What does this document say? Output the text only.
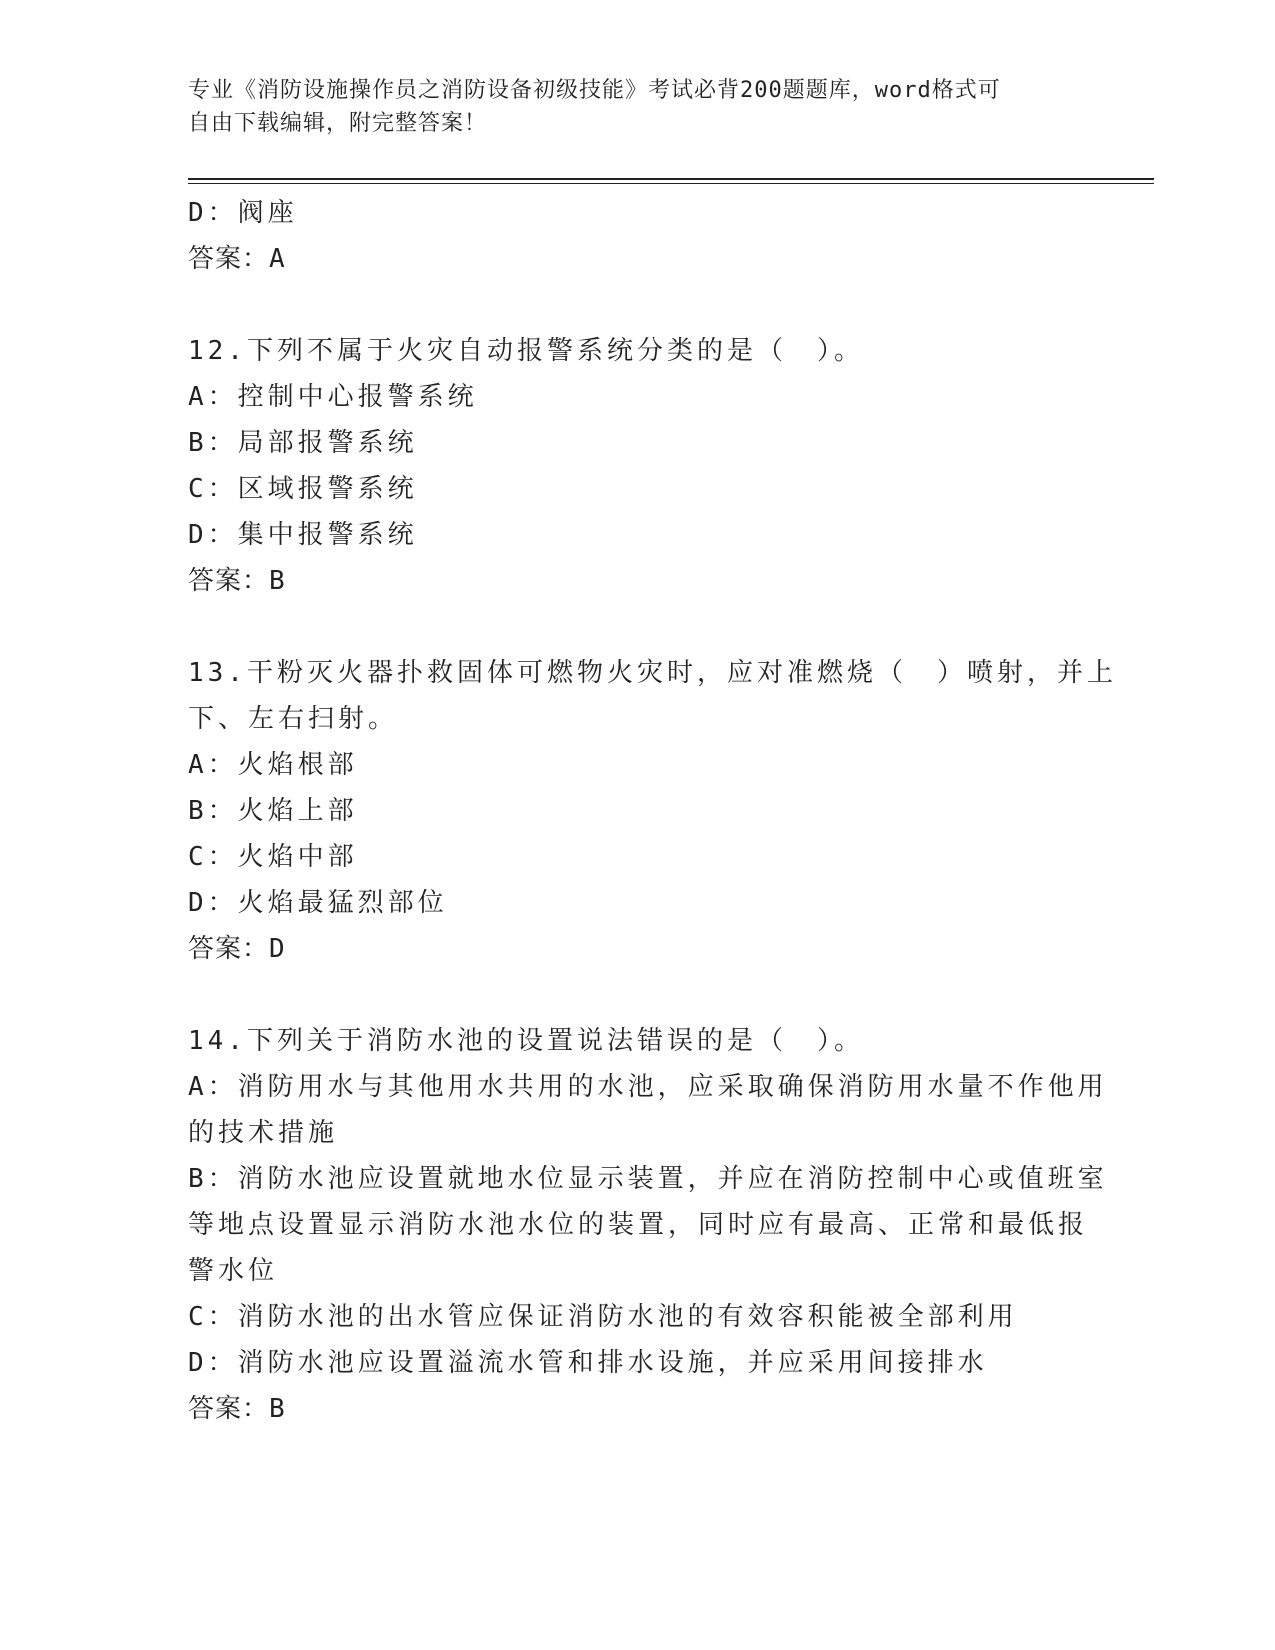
专业《消防设施操作员之消防设备初级技能》考试必背200题题库，word格式可
自由下载编辑，附完整答案！
D：阀座
答案：A
12.下列不属于火灾自动报警系统分类的是（　）。
A：控制中心报警系统
B：局部报警系统
C：区域报警系统
D：集中报警系统
答案：B
13.干粉灭火器扑救固体可燃物火灾时，应对准燃烧（　）喷射，并上
下、左右扫射。
A：火焰根部
B：火焰上部
C：火焰中部
D：火焰最猛烈部位
答案：D
14.下列关于消防水池的设置说法错误的是（　）。
A：消防用水与其他用水共用的水池，应采取确保消防用水量不作他用
的技术措施
B：消防水池应设置就地水位显示装置，并应在消防控制中心或值班室
等地点设置显示消防水池水位的装置，同时应有最高、正常和最低报
警水位
C：消防水池的出水管应保证消防水池的有效容积能被全部利用
D：消防水池应设置溢流水管和排水设施，并应采用间接排水
答案：B
